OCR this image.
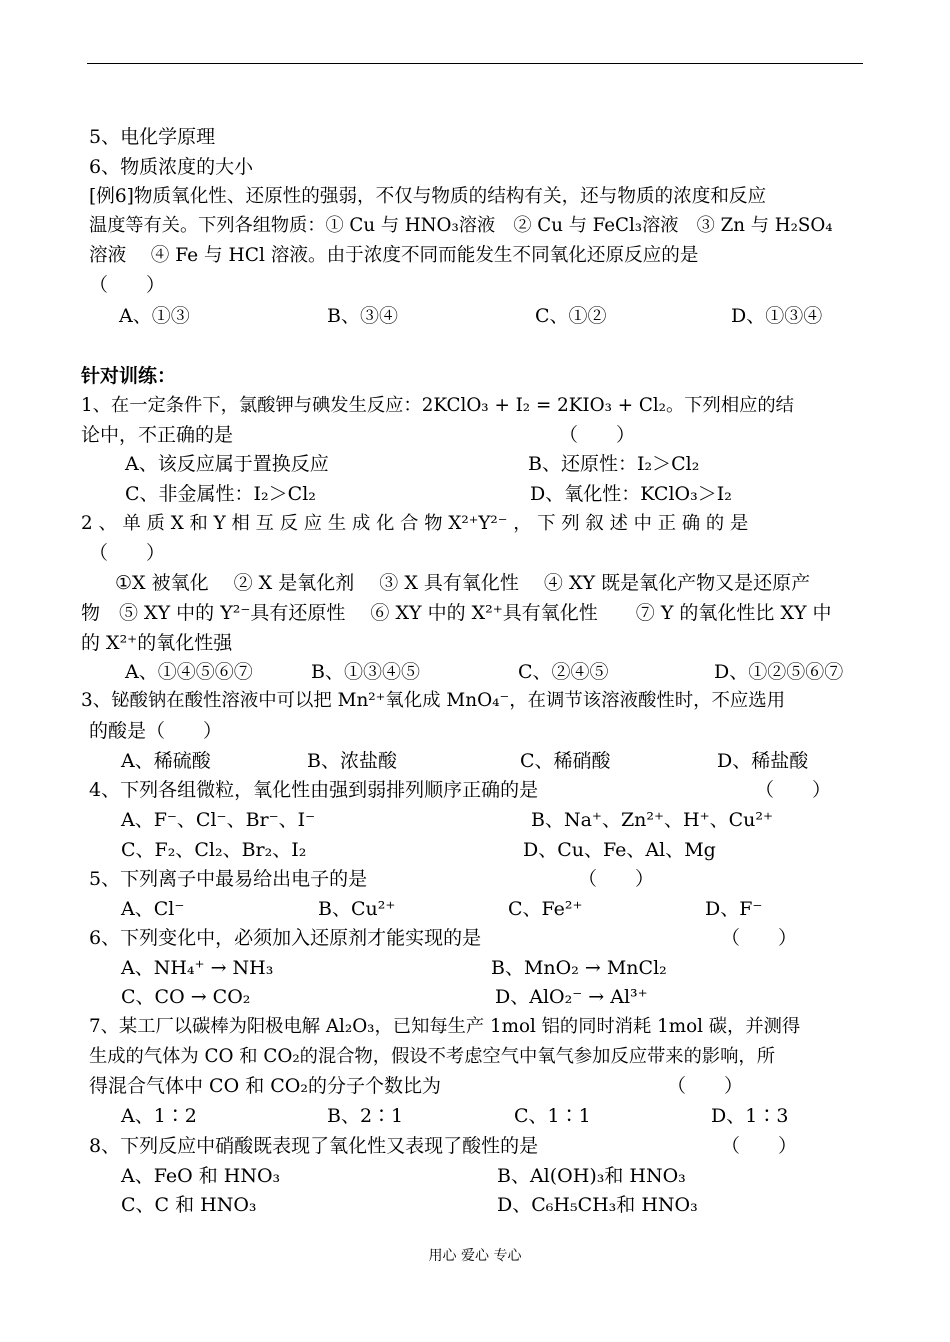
5、电化学原理
6、物质浓度的大小
[例6]物质氧化性、还原性的强弱，不仅与物质的结构有关，还与物质的浓度和反应
温度等有关。下列各组物质：① Cu 与 HNO₃溶液　② Cu 与 FeCl₃溶液　③ Zn 与 H₂SO₄
溶液　 ④ Fe 与 HCl 溶液。由于浓度不同而能发生不同氧化还原反应的是
（　　）
A、①③	B、③④	C、①②	D、①③④
针对训练：
1、在一定条件下，氯酸钾与碘发生反应：2KClO₃ + I₂ = 2KIO₃ + Cl₂。下列相应的结
论中，不正确的是	（　　）
A、该反应属于置换反应	B、还原性：I₂＞Cl₂
C、非金属性：I₂＞Cl₂	D、氧化性：KClO₃＞I₂
2 、 单 质 X 和 Y 相 互 反 应 生 成 化 合 物 X²⁺Y²⁻ ， 下 列 叙 述 中 正 确 的 是
（　　）
①X 被氧化　 ② X 是氧化剂　 ③ X 具有氧化性　 ④ XY 既是氧化产物又是还原产
物　⑤ XY 中的 Y²⁻具有还原性　 ⑥ XY 中的 X²⁺具有氧化性　　⑦ Y 的氧化性比 XY 中
的 X²⁺的氧化性强
A、①④⑤⑥⑦	B、①③④⑤	C、②④⑤	D、①②⑤⑥⑦
3、铋酸钠在酸性溶液中可以把 Mn²⁺氧化成 MnO₄⁻，在调节该溶液酸性时，不应选用
的酸是（　　）
A、稀硫酸	B、浓盐酸	C、稀硝酸	D、稀盐酸
4、下列各组微粒，氧化性由强到弱排列顺序正确的是	（　　）
A、F⁻、Cl⁻、Br⁻、I⁻	B、Na⁺、Zn²⁺、H⁺、Cu²⁺
C、F₂、Cl₂、Br₂、I₂	D、Cu、Fe、Al、Mg
5、下列离子中最易给出电子的是	（　　）
A、Cl⁻	B、Cu²⁺	C、Fe²⁺	D、F⁻
6、下列变化中，必须加入还原剂才能实现的是	（　　）
A、NH₄⁺ → NH₃	B、MnO₂ → MnCl₂
C、CO → CO₂	D、AlO₂⁻ → Al³⁺
7、某工厂以碳棒为阳极电解 Al₂O₃，已知每生产 1mol 铝的同时消耗 1mol 碳，并测得
生成的气体为 CO 和 CO₂的混合物，假设不考虑空气中氧气参加反应带来的影响，所
得混合气体中 CO 和 CO₂的分子个数比为	（　　）
A、1∶2	B、2∶1	C、1∶1	D、1∶3
8、下列反应中硝酸既表现了氧化性又表现了酸性的是	（　　）
A、FeO 和 HNO₃	B、Al(OH)₃和 HNO₃
C、C 和 HNO₃	D、C₆H₅CH₃和 HNO₃
用心 爱心 专心
